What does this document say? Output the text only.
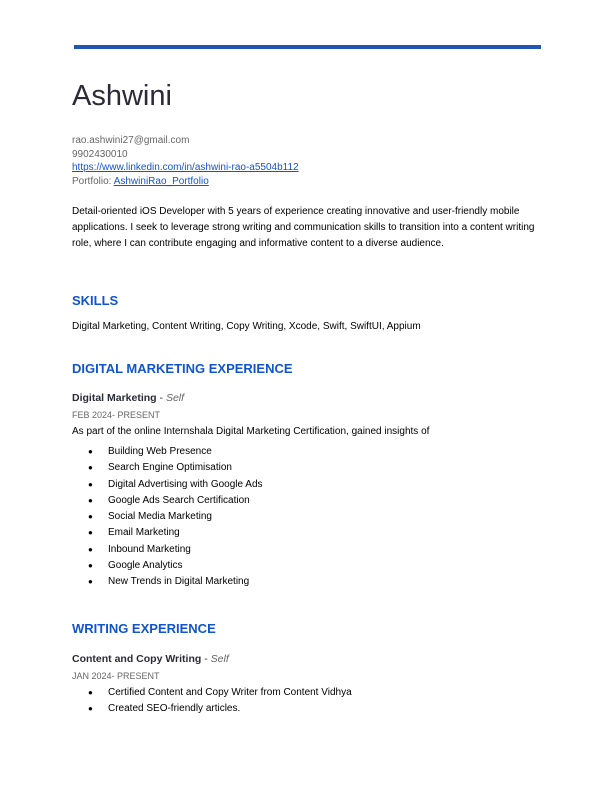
Ashwini
rao.ashwini27@gmail.com
9902430010
https://www.linkedin.com/in/ashwini-rao-a5504b112
Portfolio: AshwiniRao_Portfolio
Detail-oriented iOS Developer with 5 years of experience creating innovative and user-friendly mobile applications. I seek to leverage strong writing and communication skills to transition into a content writing role, where I can contribute engaging and informative content to a diverse audience.
SKILLS
Digital Marketing, Content Writing, Copy Writing, Xcode, Swift, SwiftUI, Appium
DIGITAL MARKETING EXPERIENCE
Digital Marketing - Self
FEB 2024- PRESENT
As part of the online Internshala Digital Marketing Certification, gained insights of
● Building Web Presence
● Search Engine Optimisation
● Digital Advertising with Google Ads
● Google Ads Search Certification
● Social Media Marketing
● Email Marketing
● Inbound Marketing
● Google Analytics
● New Trends in Digital Marketing
WRITING EXPERIENCE
Content and Copy Writing - Self
JAN 2024- PRESENT
● Certified Content and Copy Writer from Content Vidhya
● Created SEO-friendly articles.
